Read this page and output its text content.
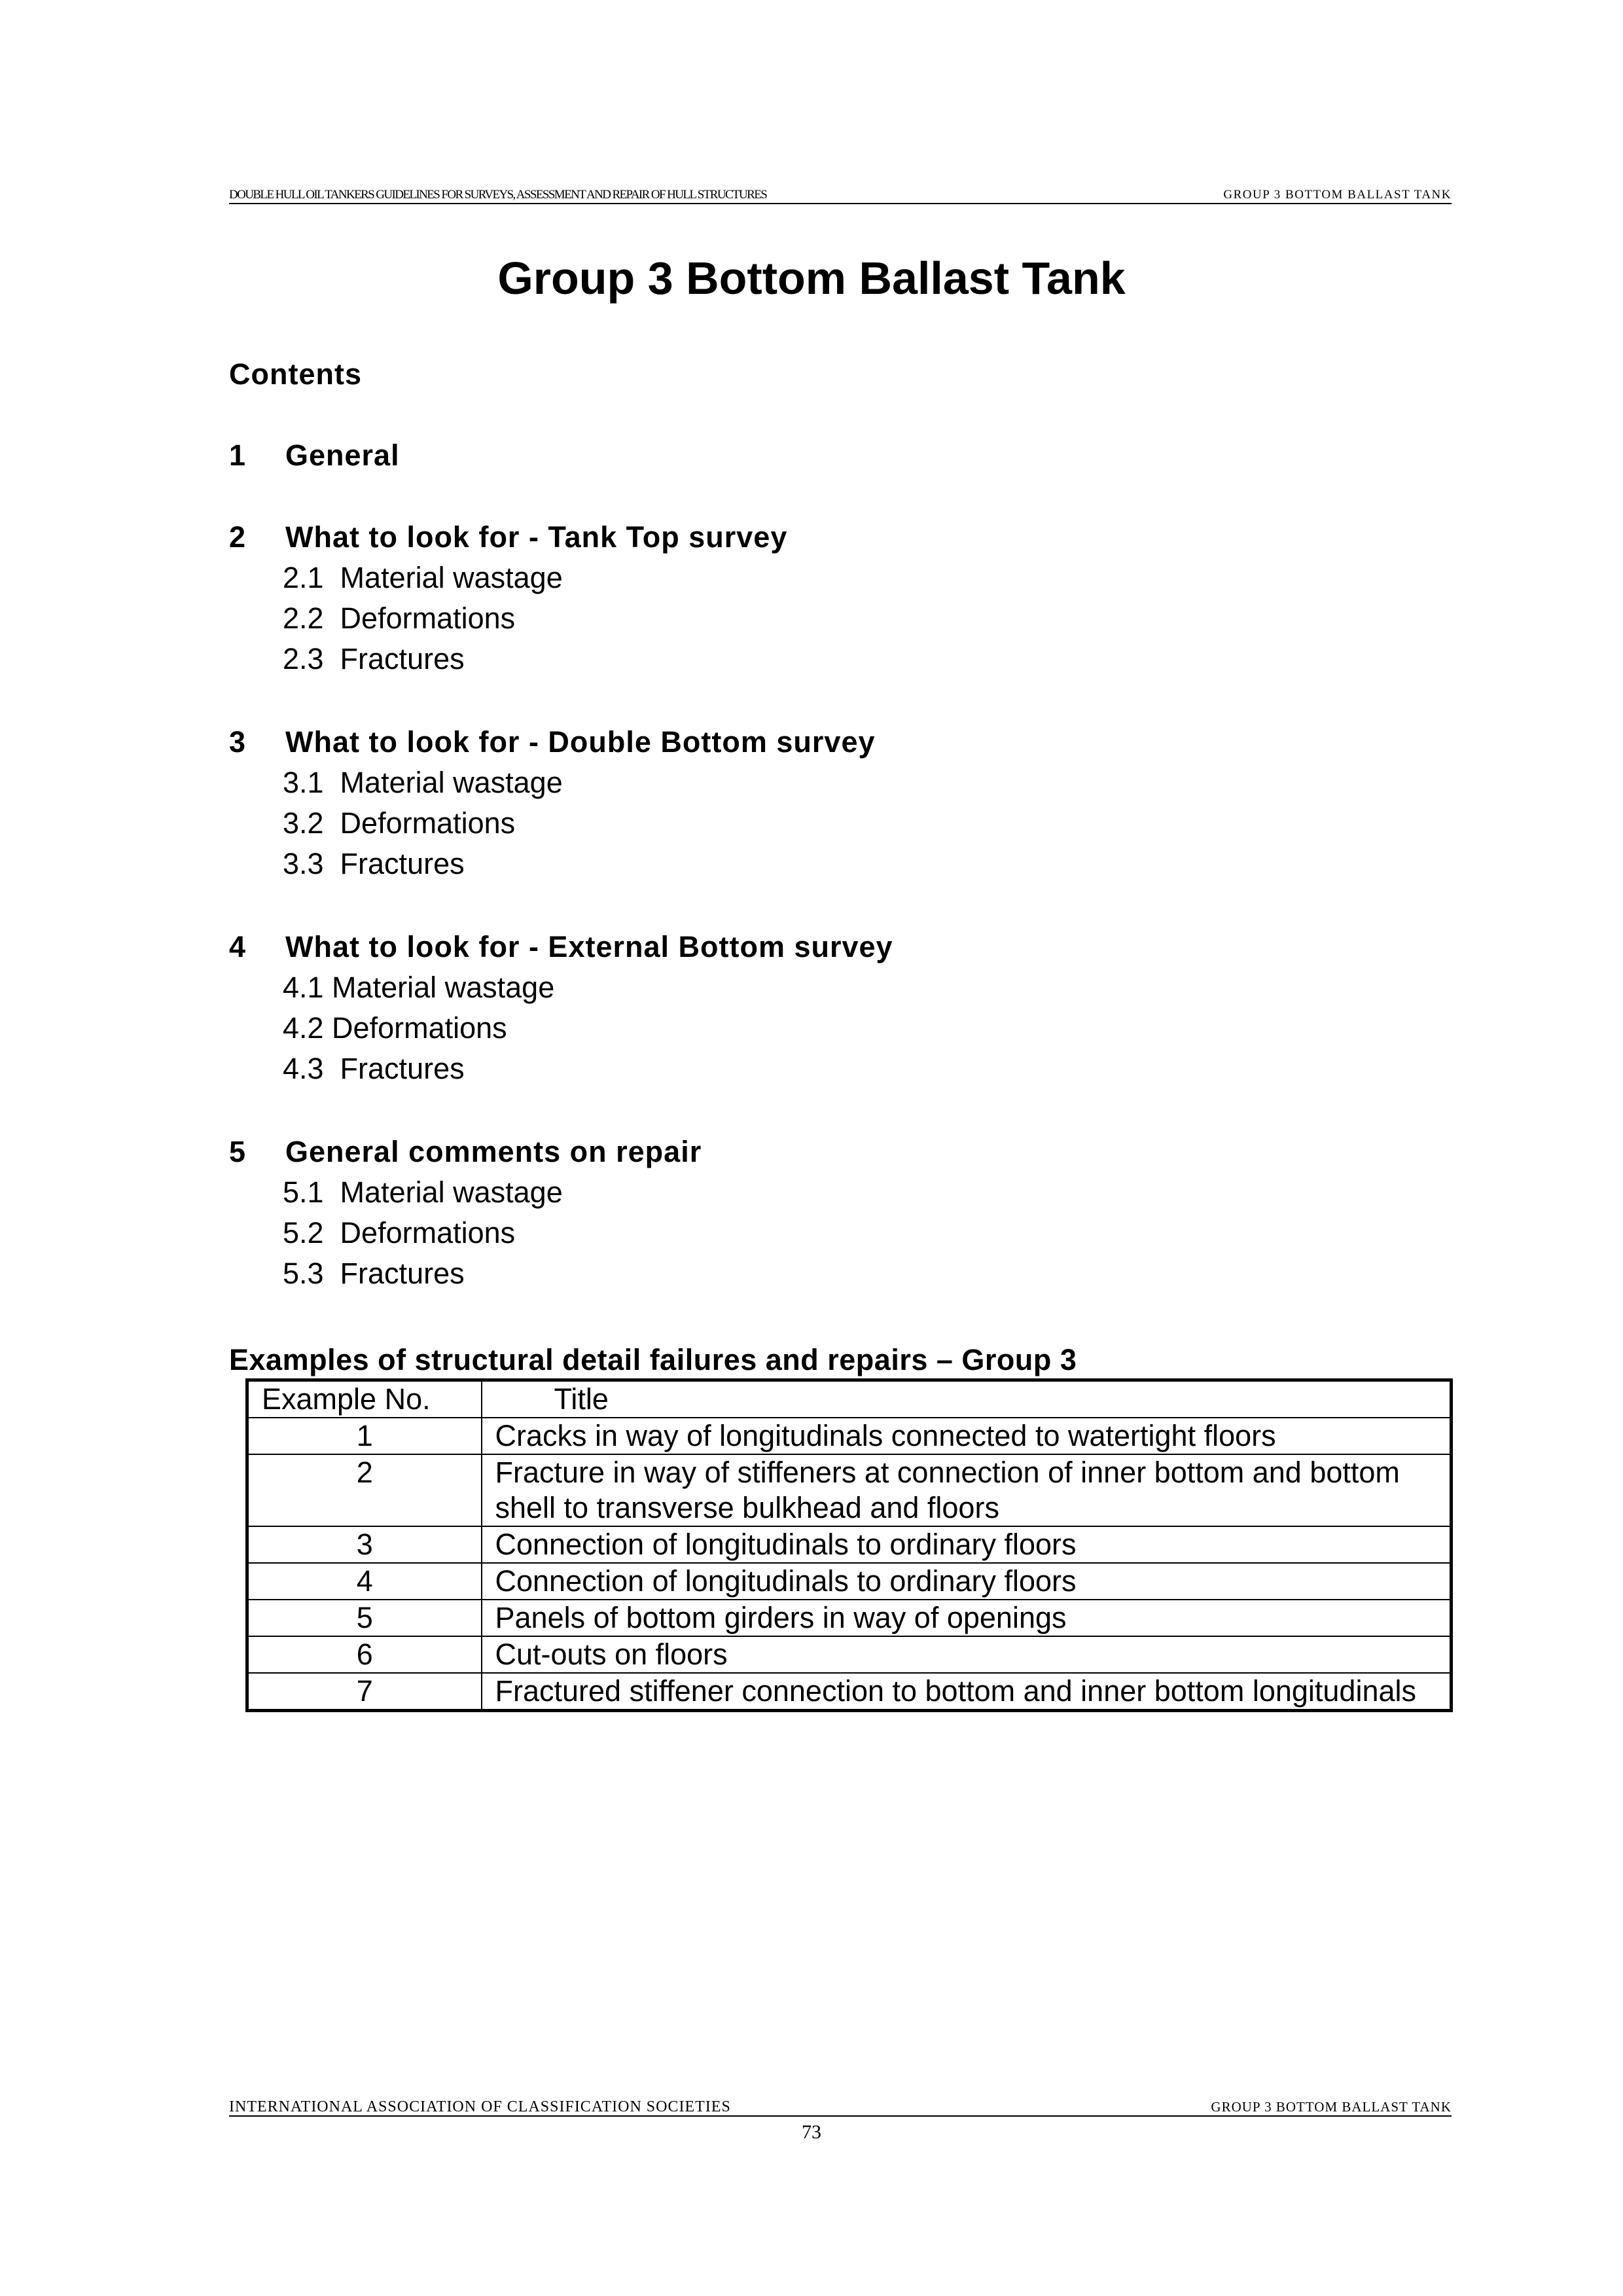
DOUBLE HULL OIL TANKERS GUIDELINES FOR SURVEYS, ASSESSMENT AND REPAIR OF HULL STRUCTURES	GROUP 3 BOTTOM BALLAST TANK
Group 3 Bottom Ballast Tank
Contents
1 General
2 What to look for - Tank Top survey
2.1  Material wastage
2.2  Deformations
2.3  Fractures
3 What to look for - Double Bottom survey
3.1  Material wastage
3.2  Deformations
3.3  Fractures
4 What to look for - External Bottom survey
4.1 Material wastage
4.2 Deformations
4.3  Fractures
5 General comments on repair
5.1  Material wastage
5.2  Deformations
5.3  Fractures
Examples of structural detail failures and repairs – Group 3
Example No.	Title
1	Cracks in way of longitudinals connected to watertight floors
2	Fracture in way of stiffeners at connection of inner bottom and bottom shell to transverse bulkhead and floors
3	Connection of longitudinals to ordinary floors
4	Connection of longitudinals to ordinary floors
5	Panels of bottom girders in way of openings
6	Cut-outs on floors
7	Fractured stiffener connection to bottom and inner bottom longitudinals
INTERNATIONAL ASSOCIATION OF CLASSIFICATION SOCIETIES	GROUP 3 BOTTOM BALLAST TANK
73
